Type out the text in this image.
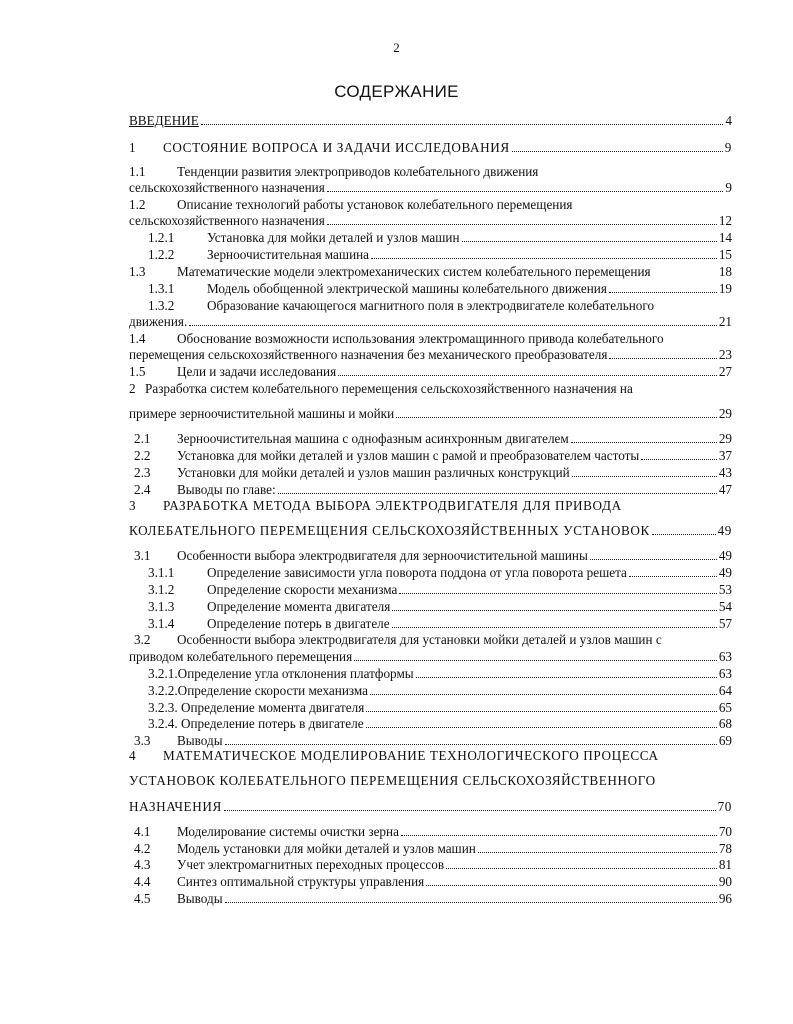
2
СОДЕРЖАНИЕ
ВВЕДЕНИЕ	4
1	СОСТОЯНИЕ ВОПРОСА И ЗАДАЧИ ИССЛЕДОВАНИЯ	9
1.1	Тенденции развития электроприводов колебательного движения
сельскохозяйственного назначения	9
1.2	Описание технологий работы установок колебательного перемещения
сельскохозяйственного назначения	12
1.2.1	Установка для мойки деталей и узлов машин	14
1.2.2	Зерноочистительная машина	15
1.3	Математические модели электромеханических систем колебательного перемещения	18
1.3.1	Модель обобщенной электрической машины колебательного движения	19
1.3.2	Образование качающегося магнитного поля в электродвигателе колебательного
движения.	21
1.4	Обоснование возможности использования электромащинного привода колебательного
перемещения сельскохозяйственного назначения без механического преобразователя	23
1.5	Цели и задачи исследования	27
2 Разработка систем колебательного перемещения сельскохозяйственного назначения на
примере зерноочистительной машины и мойки	29
2.1	Зерноочистительная машина с однофазным асинхронным двигателем	29
2.2	Установка для мойки деталей и узлов машин с рамой и преобразователем частоты	37
2.3	Установки для мойки деталей и узлов машин различных конструкций	43
2.4	Выводы по главе:	47
3	РАЗРАБОТКА МЕТОДА ВЫБОРА ЭЛЕКТРОДВИГАТЕЛЯ ДЛЯ ПРИВОДА
КОЛЕБАТЕЛЬНОГО ПЕРЕМЕЩЕНИЯ СЕЛЬСКОХОЗЯЙСТВЕННЫХ УСТАНОВОК	49
3.1	Особенности выбора электродвигателя для зерноочистительной машины	49
3.1.1	Определение зависимости угла поворота поддона от угла поворота решета	49
3.1.2	Определение скорости механизма	53
3.1.3	Определение момента двигателя	54
3.1.4	Определение потерь в двигателе	57
3.2	Особенности выбора электродвигателя для установки мойки деталей и узлов машин с
приводом колебательного перемещения	63
3.2.1.Определение угла отклонения платформы	63
3.2.2.Определение скорости механизма	64
3.2.3. Определение момента двигателя	65
3.2.4. Определение потерь в двигателе	68
3.3	Выводы	69
4	МАТЕМАТИЧЕСКОЕ МОДЕЛИРОВАНИЕ ТЕХНОЛОГИЧЕСКОГО ПРОЦЕССА
УСТАНОВОК КОЛЕБАТЕЛЬНОГО ПЕРЕМЕЩЕНИЯ СЕЛЬСКОХОЗЯЙСТВЕННОГО
НАЗНАЧЕНИЯ	70
4.1	Моделирование системы очистки зерна	70
4.2	Модель установки для мойки деталей и узлов машин	78
4.3	Учет электромагнитных переходных процессов	81
4.4	Синтез оптимальной структуры управления	90
4.5	Выводы	96
